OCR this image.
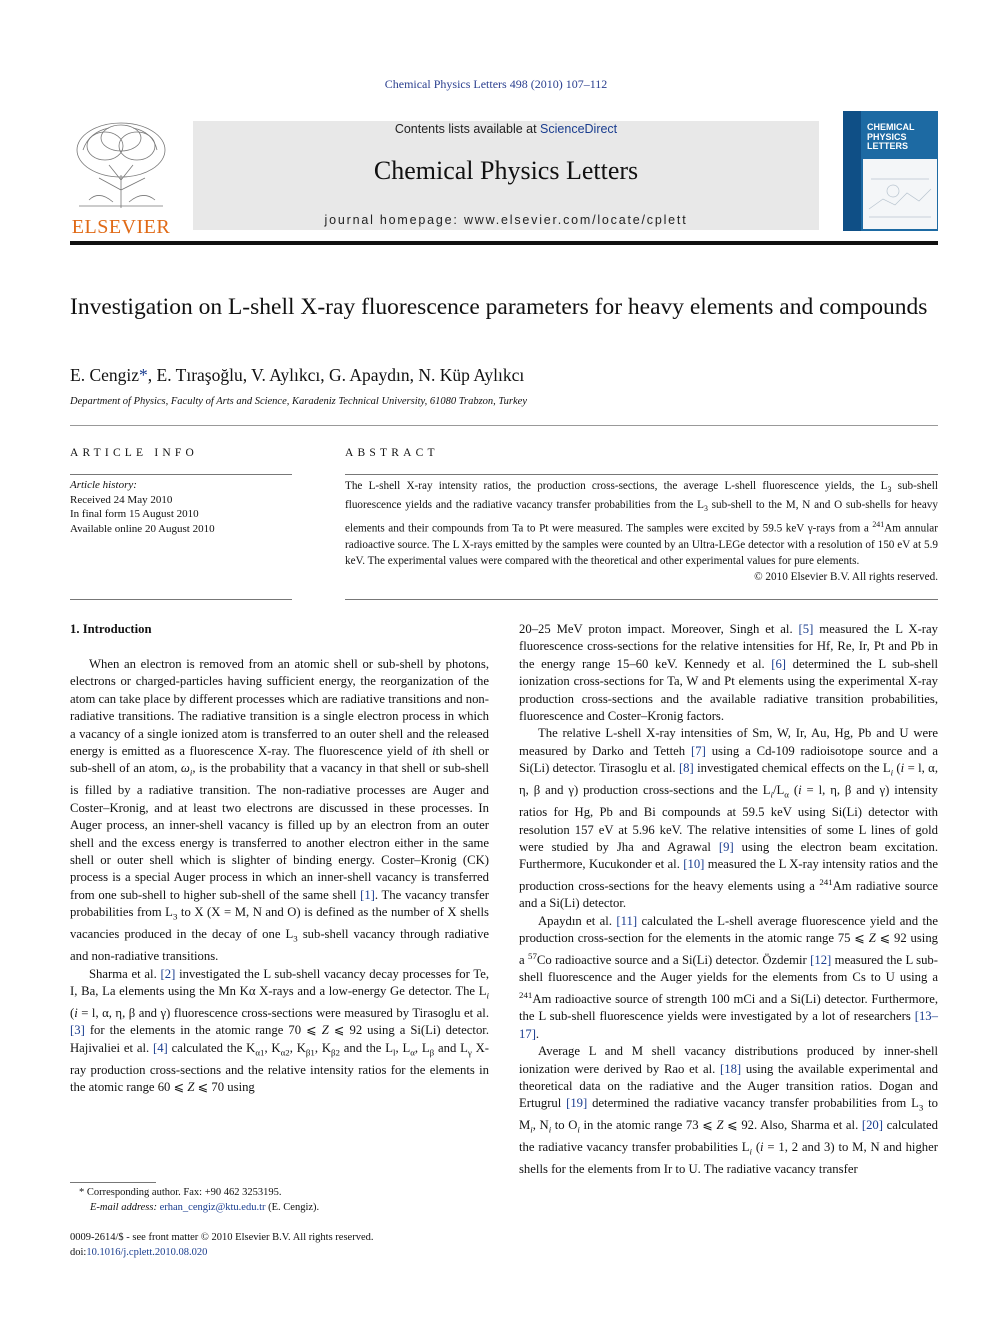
Chemical Physics Letters 498 (2010) 107–112
ELSEVIER
Contents lists available at ScienceDirect
Chemical Physics Letters
journal homepage: www.elsevier.com/locate/cplett
CHEMICAL
PHYSICS
LETTERS
Investigation on L-shell X-ray fluorescence parameters for heavy elements and compounds
E. Cengiz*, E. Tıraşoğlu, V. Aylıkcı, G. Apaydın, N. Küp Aylıkcı
Department of Physics, Faculty of Arts and Science, Karadeniz Technical University, 61080 Trabzon, Turkey
ARTICLE INFO	ABSTRACT
Article history:
Received 24 May 2010
In final form 15 August 2010
Available online 20 August 2010
The L-shell X-ray intensity ratios, the production cross-sections, the average L-shell fluorescence yields, the $L_3$ sub-shell fluorescence yields and the radiative vacancy transfer probabilities from the $L_3$ sub-shell to the M, N and O sub-shells for heavy elements and their compounds from Ta to Pt were measured. The samples were excited by 59.5 keV γ-rays from a $^{241}$Am annular radioactive source. The L X-rays emitted by the samples were counted by an Ultra-LEGe detector with a resolution of 150 eV at 5.9 keV. The experimental values were compared with the theoretical and other experimental values for pure elements.
© 2010 Elsevier B.V. All rights reserved.
1. Introduction

When an electron is removed from an atomic shell or sub-shell by photons, electrons or charged-particles having sufficient energy, the reorganization of the atom can take place by different processes which are radiative transitions and non-radiative transitions. The radiative transition is a single electron process in which a vacancy of a single ionized atom is transferred to an outer shell and the released energy is emitted as a fluorescence X-ray. The fluorescence yield of ith shell or sub-shell of an atom, $\omega_i$, is the probability that a vacancy in that shell or sub-shell is filled by a radiative transition. The non-radiative processes are Auger and Coster–Kronig, and at least two electrons are discussed in these processes. In Auger process, an inner-shell vacancy is filled up by an electron from an outer shell and the excess energy is transferred to another electron either in the same shell or outer shell which is slighter of binding energy. Coster–Kronig (CK) process is a special Auger process in which an inner-shell vacancy is transferred from one sub-shell to higher sub-shell of the same shell [1]. The vacancy transfer probabilities from $L_3$ to X (X = M, N and O) is defined as the number of X shells vacancies produced in the decay of one $L_3$ sub-shell vacancy through radiative and non-radiative transitions.

Sharma et al. [2] investigated the L sub-shell vacancy decay processes for Te, I, Ba, La elements using the Mn Kα X-rays and a low-energy Ge detector. The $L_i$ (i = l, α, η, β and γ) fluorescence cross-sections were measured by Tirasoglu et al. [3] for the elements in the atomic range 70 ⩽ Z ⩽ 92 using a Si(Li) detector. Hajivaliei et al. [4] calculated the $K_{\alpha 1}$, $K_{\alpha 2}$, $K_{\beta 1}$, $K_{\beta 2}$ and the $L_l$, $L_\alpha$, $L_\beta$ and $L_\gamma$ X-ray production cross-sections and the relative intensity ratios for the elements in the atomic range 60 ⩽ Z ⩽ 70 using

20–25 MeV proton impact. Moreover, Singh et al. [5] measured the L X-ray fluorescence cross-sections for the relative intensities for Hf, Re, Ir, Pt and Pb in the energy range 15–60 keV. Kennedy et al. [6] determined the L sub-shell ionization cross-sections for Ta, W and Pt elements using the experimental X-ray production cross-sections and the available radiative transition probabilities, fluorescence and Coster–Kronig factors.

The relative L-shell X-ray intensities of Sm, W, Ir, Au, Hg, Pb and U were measured by Darko and Tetteh [7] using a Cd-109 radioisotope source and a Si(Li) detector. Tirasoglu et al. [8] investigated chemical effects on the $L_i$ (i = l, α, η, β and γ) production cross-sections and the $L_i/L_\alpha$ (i = l, η, β and γ) intensity ratios for Hg, Pb and Bi compounds at 59.5 keV using Si(Li) detector with resolution 157 eV at 5.96 keV. The relative intensities of some L lines of gold were studied by Jha and Agrawal [9] using the electron beam excitation. Furthermore, Kucukonder et al. [10] measured the L X-ray intensity ratios and the production cross-sections for the heavy elements using a $^{241}$Am radiative source and a Si(Li) detector.

Apaydın et al. [11] calculated the L-shell average fluorescence yield and the production cross-section for the elements in the atomic range 75 ⩽ Z ⩽ 92 using a $^{57}$Co radioactive source and a Si(Li) detector. Özdemir [12] measured the L sub-shell fluorescence and the Auger yields for the elements from Cs to U using a $^{241}$Am radioactive source of strength 100 mCi and a Si(Li) detector. Furthermore, the L sub-shell fluorescence yields were investigated by a lot of researchers [13–17].

Average L and M shell vacancy distributions produced by inner-shell ionization were derived by Rao et al. [18] using the available experimental and theoretical data on the radiative and the Auger transition ratios. Dogan and Ertugrul [19] determined the radiative vacancy transfer probabilities from $L_3$ to $M_i$, $N_i$ to $O_i$ in the atomic range 73 ⩽ Z ⩽ 92. Also, Sharma et al. [20] calculated the radiative vacancy transfer probabilities $L_i$ (i = 1, 2 and 3) to M, N and higher shells for the elements from Ir to U. The radiative vacancy transfer

* Corresponding author. Fax: +90 462 3253195.
E-mail address: erhan_cengiz@ktu.edu.tr (E. Cengiz).
0009-2614/$ - see front matter © 2010 Elsevier B.V. All rights reserved.
doi:10.1016/j.cplett.2010.08.020
